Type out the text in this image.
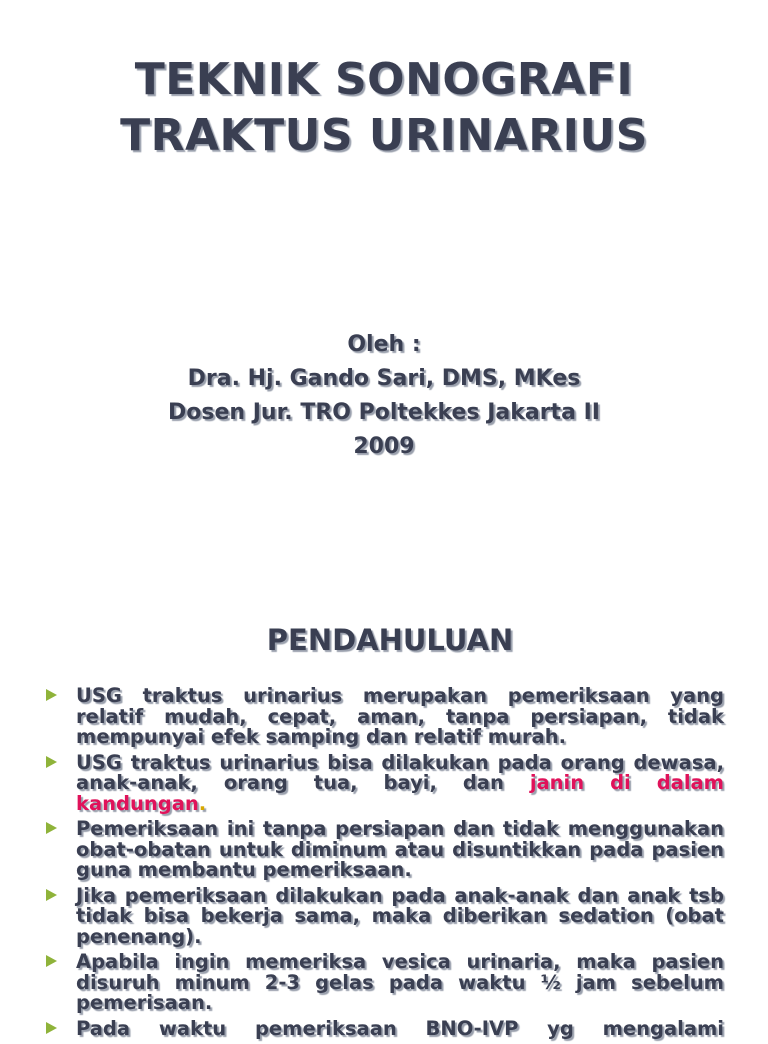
TEKNIK SONOGRAFI
TRAKTUS URINARIUS
Oleh :
Dra. Hj. Gando Sari, DMS, MKes
Dosen Jur. TRO Poltekkes Jakarta II
2009
PENDAHULUAN
USG traktus urinarius merupakan pemeriksaan yang relatif mudah, cepat, aman, tanpa persiapan, tidak mempunyai efek samping dan relatif murah.
USG traktus urinarius bisa dilakukan pada orang dewasa, anak-anak, orang tua, bayi, dan janin di dalam kandungan.
Pemeriksaan ini tanpa persiapan dan tidak menggunakan obat-obatan untuk diminum atau disuntikkan pada pasien guna membantu pemeriksaan.
Jika pemeriksaan dilakukan pada anak-anak dan anak tsb tidak bisa bekerja sama, maka diberikan sedation (obat penenang).
Apabila ingin memeriksa vesica urinaria, maka pasien disuruh minum 2-3 gelas pada waktu ½ jam sebelum pemerisaan.
Pada waktu pemeriksaan BNO-IVP yg mengalami
